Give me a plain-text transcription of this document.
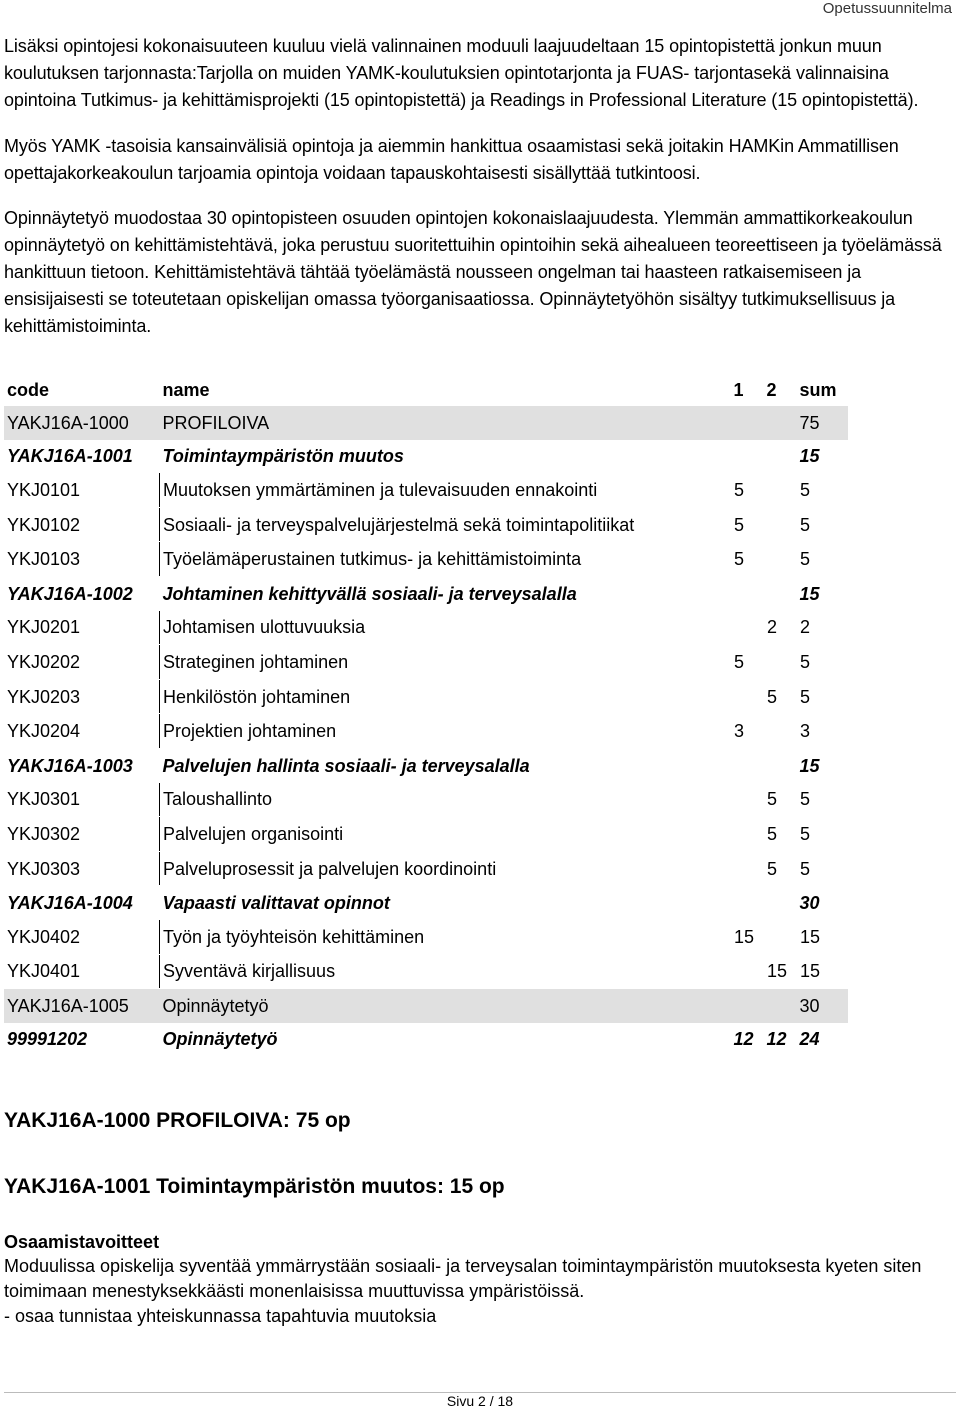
Opetussuunnitelma

Lisäksi opintojesi kokonaisuuteen kuuluu vielä valinnainen moduuli laajuudeltaan 15 opintopistettä jonkun muun koulutuksen tarjonnasta:Tarjolla on muiden YAMK-koulutuksien opintotarjonta ja FUAS- tarjontasekä valinnaisina opintoina Tutkimus- ja kehittämisprojekti (15 opintopistettä) ja Readings in Professional Literature (15 opintopistettä).

Myös YAMK -tasoisia kansainvälisiä opintoja ja aiemmin hankittua osaamistasi sekä joitakin HAMKin Ammatillisen opettajakorkeakoulun tarjoamia opintoja voidaan tapauskohtaisesti sisällyttää tutkintoosi.

Opinnäytetyö muodostaa 30 opintopisteen osuuden opintojen kokonaislaajuudesta. Ylemmän ammattikorkeakoulun opinnäytetyö on kehittämistehtävä, joka perustuu suoritettuihin opintoihin sekä aihealueen teoreettiseen ja työelämässä hankittuun tietoon. Kehittämistehtävä tähtää työelämästä nousseen ongelman tai haasteen ratkaisemiseen ja ensisijaisesti se toteutetaan opiskelijan omassa työorganisaatiossa. Opinnäytetyöhön sisältyy tutkimuksellisuus ja kehittämistoiminta.

code	name	1	2	sum
YAKJ16A-1000	PROFILOIVA			75
YAKJ16A-1001	Toimintaympäristön muutos			15
YKJ0101	Muutoksen ymmärtäminen ja tulevaisuuden ennakointi	5		5
YKJ0102	Sosiaali- ja terveyspalvelujärjestelmä sekä toimintapolitiikat	5		5
YKJ0103	Työelämäperustainen tutkimus- ja kehittämistoiminta	5		5
YAKJ16A-1002	Johtaminen kehittyvällä sosiaali- ja terveysalalla			15
YKJ0201	Johtamisen ulottuvuuksia		2	2
YKJ0202	Strateginen johtaminen	5		5
YKJ0203	Henkilöstön johtaminen		5	5
YKJ0204	Projektien johtaminen	3		3
YAKJ16A-1003	Palvelujen hallinta sosiaali- ja terveysalalla			15
YKJ0301	Taloushallinto		5	5
YKJ0302	Palvelujen organisointi		5	5
YKJ0303	Palveluprosessit ja palvelujen koordinointi		5	5
YAKJ16A-1004	Vapaasti valittavat opinnot			30
YKJ0402	Työn ja työyhteisön kehittäminen	15		15
YKJ0401	Syventävä kirjallisuus		15	15
YAKJ16A-1005	Opinnäytetyö			30
99991202	Opinnäytetyö	12	12	24
YAKJ16A-1000 PROFILOIVA: 75 op
YAKJ16A-1001 Toimintaympäristön muutos: 15 op
Osaamistavoitteet

Moduulissa opiskelija syventää ymmärrystään sosiaali- ja terveysalan toimintaympäristön muutoksesta kyeten siten toimimaan menestyksekkäästi monenlaisissa muuttuvissa ympäristöissä.

- osaa tunnistaa yhteiskunnassa tapahtuvia muutoksia

Sivu 2 / 18
